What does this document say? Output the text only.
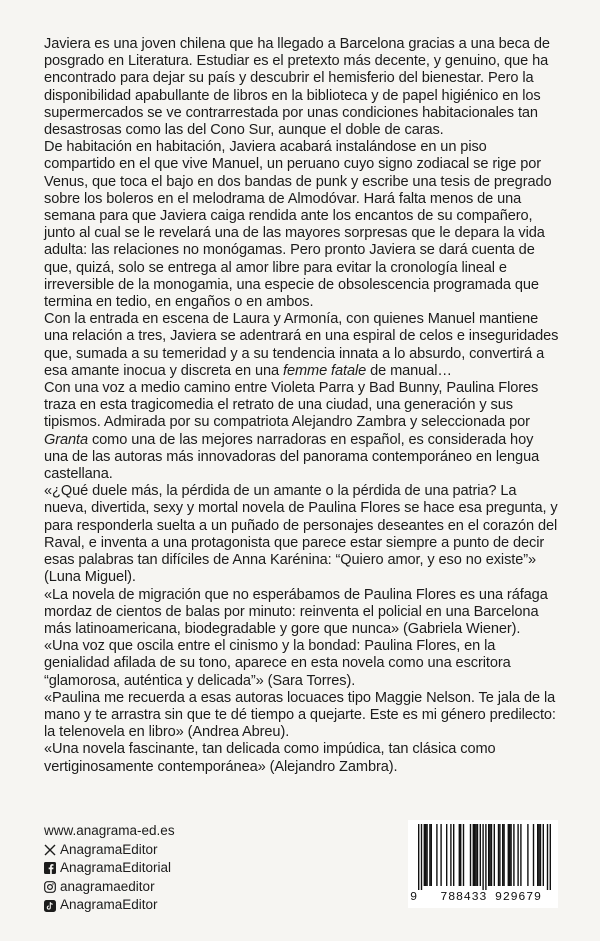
Javiera es una joven chilena que ha llegado a Barcelona gracias a una beca de posgrado en Literatura. Estudiar es el pretexto más decente, y genuino, que ha encontrado para dejar su país y descubrir el hemisferio del bienestar. Pero la disponibilidad apabullante de libros en la biblioteca y de papel higiénico en los supermercados se ve contrarrestada por unas condiciones habitacionales tan desastrosas como las del Cono Sur, aunque el doble de caras.

De habitación en habitación, Javiera acabará instalándose en un piso compartido en el que vive Manuel, un peruano cuyo signo zodiacal se rige por Venus, que toca el bajo en dos bandas de punk y escribe una tesis de pregrado sobre los boleros en el melodrama de Almodóvar. Hará falta menos de una semana para que Javiera caiga rendida ante los encantos de su compañero, junto al cual se le revelará una de las mayores sorpresas que le depara la vida adulta: las relaciones no monógamas. Pero pronto Javiera se dará cuenta de que, quizá, solo se entrega al amor libre para evitar la cronología lineal e irreversible de la monogamia, una especie de obsolescencia programada que termina en tedio, en engaños o en ambos.

Con la entrada en escena de Laura y Armonía, con quienes Manuel mantiene una relación a tres, Javiera se adentrará en una espiral de celos e inseguridades que, sumada a su temeridad y a su tendencia innata a lo absurdo, convertirá a esa amante inocua y discreta en una femme fatale de manual…

Con una voz a medio camino entre Violeta Parra y Bad Bunny, Paulina Flores traza en esta tragicomedia el retrato de una ciudad, una generación y sus tipismos. Admirada por su compatriota Alejandro Zambra y seleccionada por Granta como una de las mejores narradoras en español, es considerada hoy una de las autoras más innovadoras del panorama contemporáneo en lengua castellana.

«¿Qué duele más, la pérdida de un amante o la pérdida de una patria? La nueva, divertida, sexy y mortal novela de Paulina Flores se hace esa pregunta, y para responderla suelta a un puñado de personajes deseantes en el corazón del Raval, e inventa a una protagonista que parece estar siempre a punto de decir esas palabras tan difíciles de Anna Karénina: “Quiero amor, y eso no existe”» (Luna Miguel).

«La novela de migración que no esperábamos de Paulina Flores es una ráfaga mordaz de cientos de balas por minuto: reinventa el policial en una Barcelona más latinoamericana, biodegradable y gore que nunca» (Gabriela Wiener).

«Una voz que oscila entre el cinismo y la bondad: Paulina Flores, en la genialidad afilada de su tono, aparece en esta novela como una escritora “glamorosa, auténtica y delicada”» (Sara Torres).

«Paulina me recuerda a esas autoras locuaces tipo Maggie Nelson. Te jala de la mano y te arrastra sin que te dé tiempo a quejarte. Este es mi género predilecto: la telenovela en libro» (Andrea Abreu).

«Una novela fascinante, tan delicada como impúdica, tan clásica como vertiginosamente contemporánea» (Alejandro Zambra).

www.anagrama-ed.es
AnagramaEditor
AnagramaEditorial
anagramaeditor
AnagramaEditor
9	788433 929679
